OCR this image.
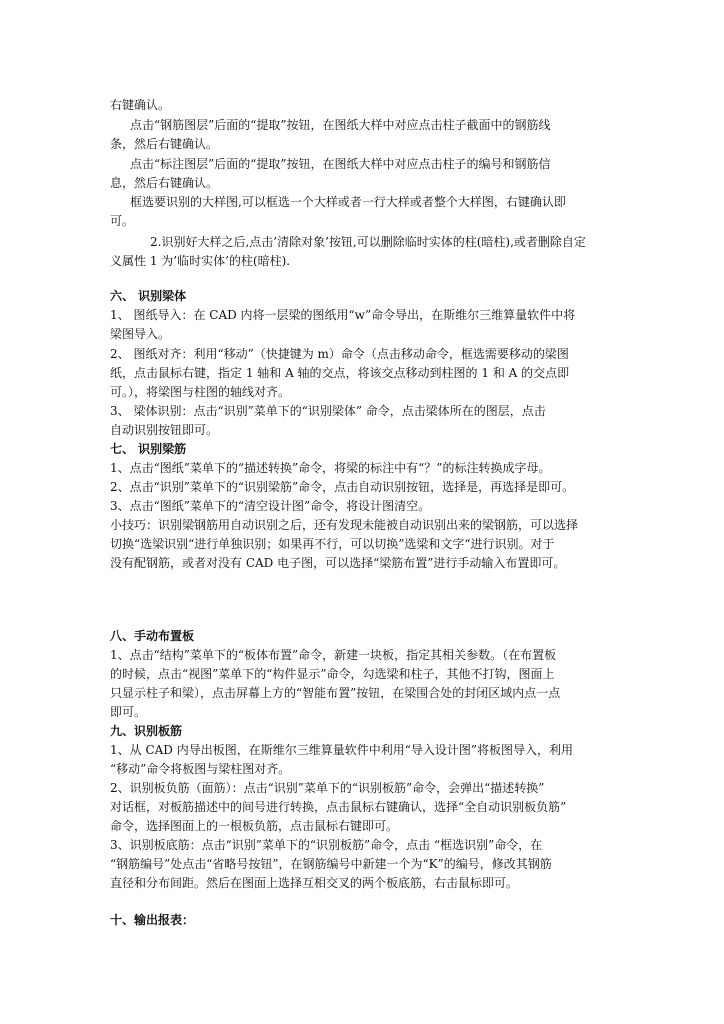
右键确认。
点击“钢筋图层”后面的“提取”按钮，在图纸大样中对应点击柱子截面中的钢筋线
条，然后右键确认。
点击“标注图层”后面的“提取”按钮，在图纸大样中对应点击柱子的编号和钢筋信
息，然后右键确认。
框选要识别的大样图,可以框选一个大样或者一行大样或者整个大样图，右键确认即
可。
2.识别好大样之后,点击’清除对象’按钮,可以删除临时实体的柱(暗柱),或者删除自定
义属性 1 为’临时实体’的柱(暗柱).
六、 识别梁体
1、 图纸导入：在 CAD 内将一层梁的图纸用“w”命令导出，在斯维尔三维算量软件中将
梁图导入。
2、 图纸对齐：利用“移动”（快捷键为 m）命令（点击移动命令，框选需要移动的梁图
纸，点击鼠标右键，指定 1 轴和 A 轴的交点，将该交点移动到柱图的 1 和 A 的交点即
可。），将梁图与柱图的轴线对齐。
3、 梁体识别：点击“识别”菜单下的“识别梁体” 命令，点击梁体所在的图层，点击
自动识别按钮即可。
七、 识别梁筋
1、点击“图纸”菜单下的“描述转换”命令，将梁的标注中有“？”的标注转换成字母。
2、点击“识别”菜单下的“识别梁筋”命令，点击自动识别按钮，选择是，再选择是即可。
3、点击“图纸”菜单下的“清空设计图”命令，将设计图清空。
小技巧：识别梁钢筋用自动识别之后，还有发现未能被自动识别出来的梁钢筋，可以选择
切换“选梁识别“进行单独识别；如果再不行，可以切换”选梁和文字“进行识别。对于
没有配钢筋，或者对没有 CAD 电子图，可以选择“梁筋布置”进行手动输入布置即可。
八、手动布置板
1、点击“结构”菜单下的“板体布置”命令，新建一块板，指定其相关参数。（在布置板
的时候，点击“视图”菜单下的“构件显示”命令，勾选梁和柱子，其他不打钩，图面上
只显示柱子和梁），点击屏幕上方的“智能布置”按钮，在梁围合处的封闭区域内点一点
即可。
九、识别板筋
1、从 CAD 内导出板图，在斯维尔三维算量软件中利用“导入设计图”将板图导入，利用
“移动”命令将板图与梁柱图对齐。
2、识别板负筋（面筋）：点击“识别”菜单下的“识别板筋”命令，会弹出“描述转换”
对话框，对板筋描述中的间号进行转换，点击鼠标右键确认，选择“全自动识别板负筋”
命令，选择图面上的一根板负筋，点击鼠标右键即可。
3、识别板底筋：点击“识别”菜单下的“识别板筋”命令，点击 “框选识别”命令，在
“钢筋编号”处点击“省略号按钮”，在钢筋编号中新建一个为“K”的编号，修改其钢筋
直径和分布间距。然后在图面上选择互相交叉的两个板底筋，右击鼠标即可。
十、输出报表：
